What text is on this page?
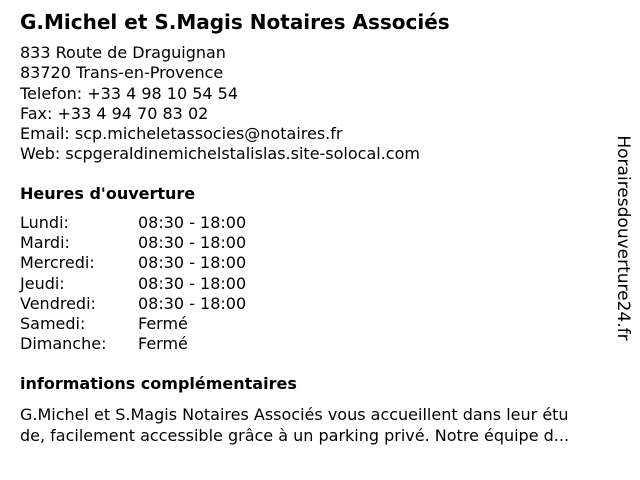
G.Michel et S.Magis Notaires Associés
833 Route de Draguignan
83720 Trans-en-Provence
Telefon: +33 4 98 10 54 54
Fax: +33 4 94 70 83 02
Email: scp.micheletassocies@notaires.fr
Web: scpgeraldinemichelstalislas.site-solocal.com
Heures d'ouverture
Lundi:	08:30 - 18:00
Mardi:	08:30 - 18:00
Mercredi:	08:30 - 18:00
Jeudi:	08:30 - 18:00
Vendredi:	08:30 - 18:00
Samedi:	Fermé
Dimanche:	Fermé
informations complémentaires
G.Michel et S.Magis Notaires Associés vous accueillent dans leur étu
de, facilement accessible grâce à un parking privé. Notre équipe d...
Horairesdouverture24.fr
